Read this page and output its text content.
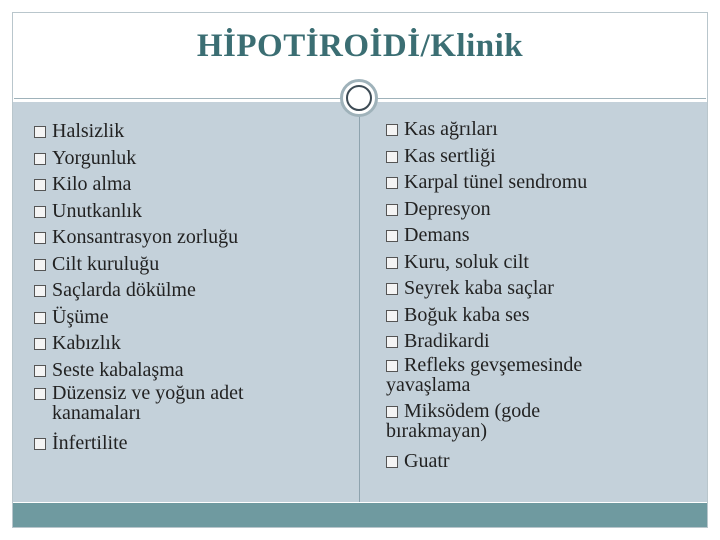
HİPOTİROİDİ/Klinik
Halsizlik
Yorgunluk
Kilo alma
Unutkanlık
Konsantrasyon zorluğu
Cilt kuruluğu
Saçlarda dökülme
Üşüme
Kabızlık
Seste kabalaşma
Düzensiz ve yoğun adet kanamaları
İnfertilite
Kas ağrıları
Kas sertliği
Karpal tünel sendromu
Depresyon
Demans
Kuru, soluk cilt
Seyrek kaba saçlar
Boğuk kaba ses
Bradikardi
Refleks gevşemesinde yavaşlama
Miksödem (gode bırakmayan)
Guatr
